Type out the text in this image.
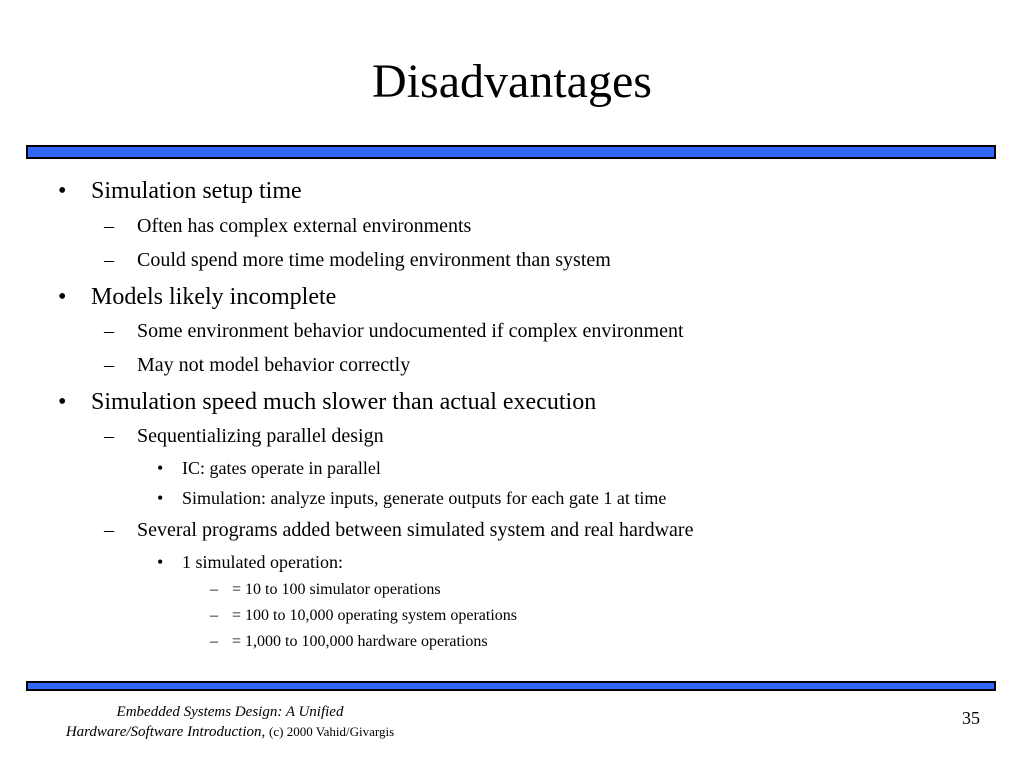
Disadvantages
• Simulation setup time
– Often has complex external environments
– Could spend more time modeling environment than system
• Models likely incomplete
– Some environment behavior undocumented if complex environment
– May not model behavior correctly
• Simulation speed much slower than actual execution
– Sequentializing parallel design
• IC: gates operate in parallel
• Simulation: analyze inputs, generate outputs for each gate 1 at time
– Several programs added between simulated system and real hardware
• 1 simulated operation:
– = 10 to 100 simulator operations
– = 100 to 10,000 operating system operations
– = 1,000 to 100,000 hardware operations
Embedded Systems Design: A Unified
Hardware/Software Introduction, (c) 2000 Vahid/Givargis
35
